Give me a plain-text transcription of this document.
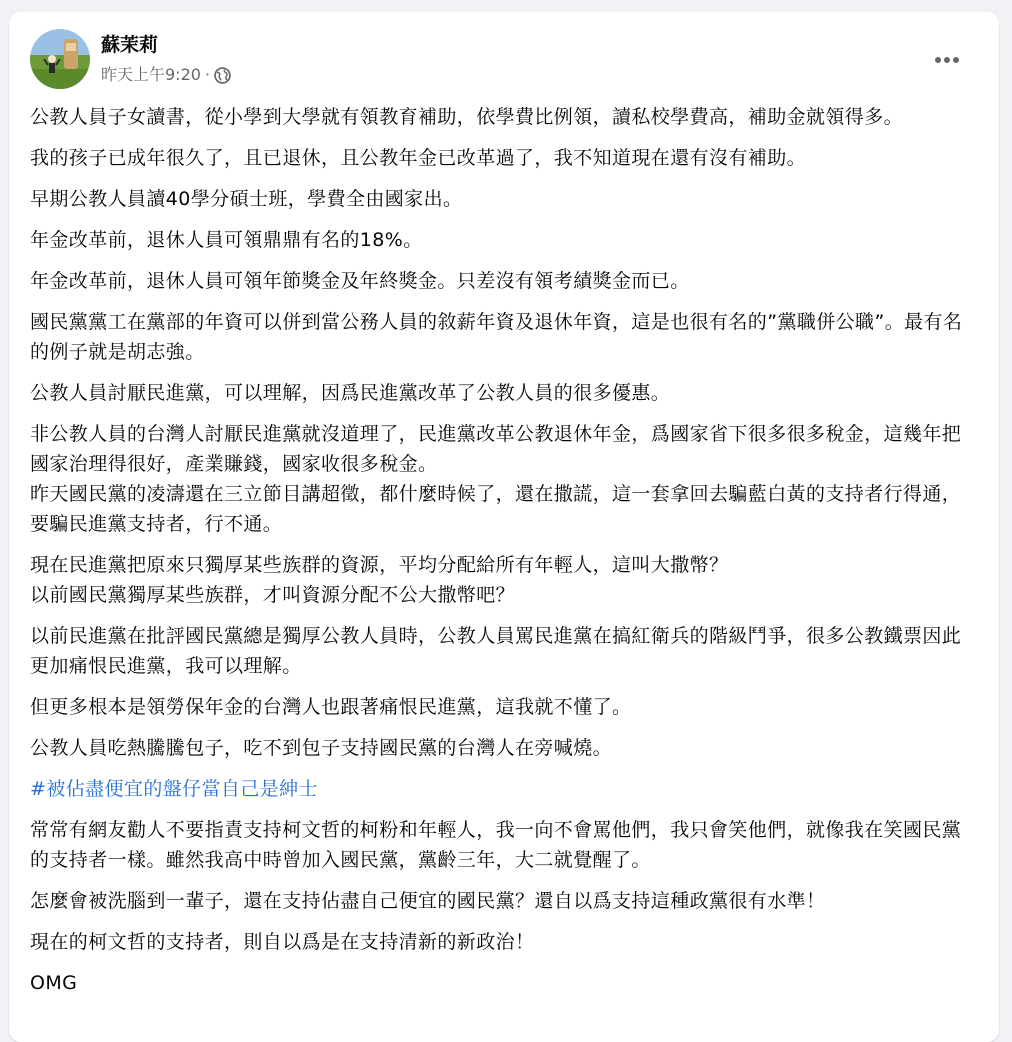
蘇茉莉
昨天上午9:20 ·

公教人員子女讀書，從小學到大學就有領教育補助，依學費比例領，讀私校學費高，補助金就領得多。

我的孩子已成年很久了，且已退休，且公教年金已改革過了，我不知道現在還有沒有補助。

早期公教人員讀40學分碩士班，學費全由國家出。

年金改革前，退休人員可領鼎鼎有名的18%。

年金改革前，退休人員可領年節獎金及年終獎金。只差沒有領考績獎金而已。

國民黨黨工在黨部的年資可以併到當公務人員的敘薪年資及退休年資，這是也很有名的”黨職併公職”。最有名的例子就是胡志強。

公教人員討厭民進黨，可以理解，因爲民進黨改革了公教人員的很多優惠。

非公教人員的台灣人討厭民進黨就沒道理了，民進黨改革公教退休年金，爲國家省下很多很多稅金，這幾年把國家治理得很好，產業賺錢，國家收很多稅金。

昨天國民黨的凌濤還在三立節目講超徵，都什麼時候了，還在撒謊，這一套拿回去騙藍白黃的支持者行得通，要騙民進黨支持者，行不通。

現在民進黨把原來只獨厚某些族群的資源，平均分配給所有年輕人，這叫大撒幣？

以前國民黨獨厚某些族群，才叫資源分配不公大撒幣吧？

以前民進黨在批評國民黨總是獨厚公教人員時，公教人員罵民進黨在搞紅衛兵的階級鬥爭，很多公教鐵票因此更加痛恨民進黨，我可以理解。

但更多根本是領勞保年金的台灣人也跟著痛恨民進黨，這我就不懂了。

公教人員吃熱騰騰包子，吃不到包子支持國民黨的台灣人在旁喊燒。

#被佔盡便宜的盤仔當自己是紳士

常常有網友勸人不要指責支持柯文哲的柯粉和年輕人，我一向不會罵他們，我只會笑他們，就像我在笑國民黨的支持者一樣。雖然我高中時曾加入國民黨，黨齡三年，大二就覺醒了。

怎麼會被洗腦到一輩子，還在支持佔盡自己便宜的國民黨？還自以爲支持這種政黨很有水準！

現在的柯文哲的支持者，則自以爲是在支持清新的新政治！

OMG
